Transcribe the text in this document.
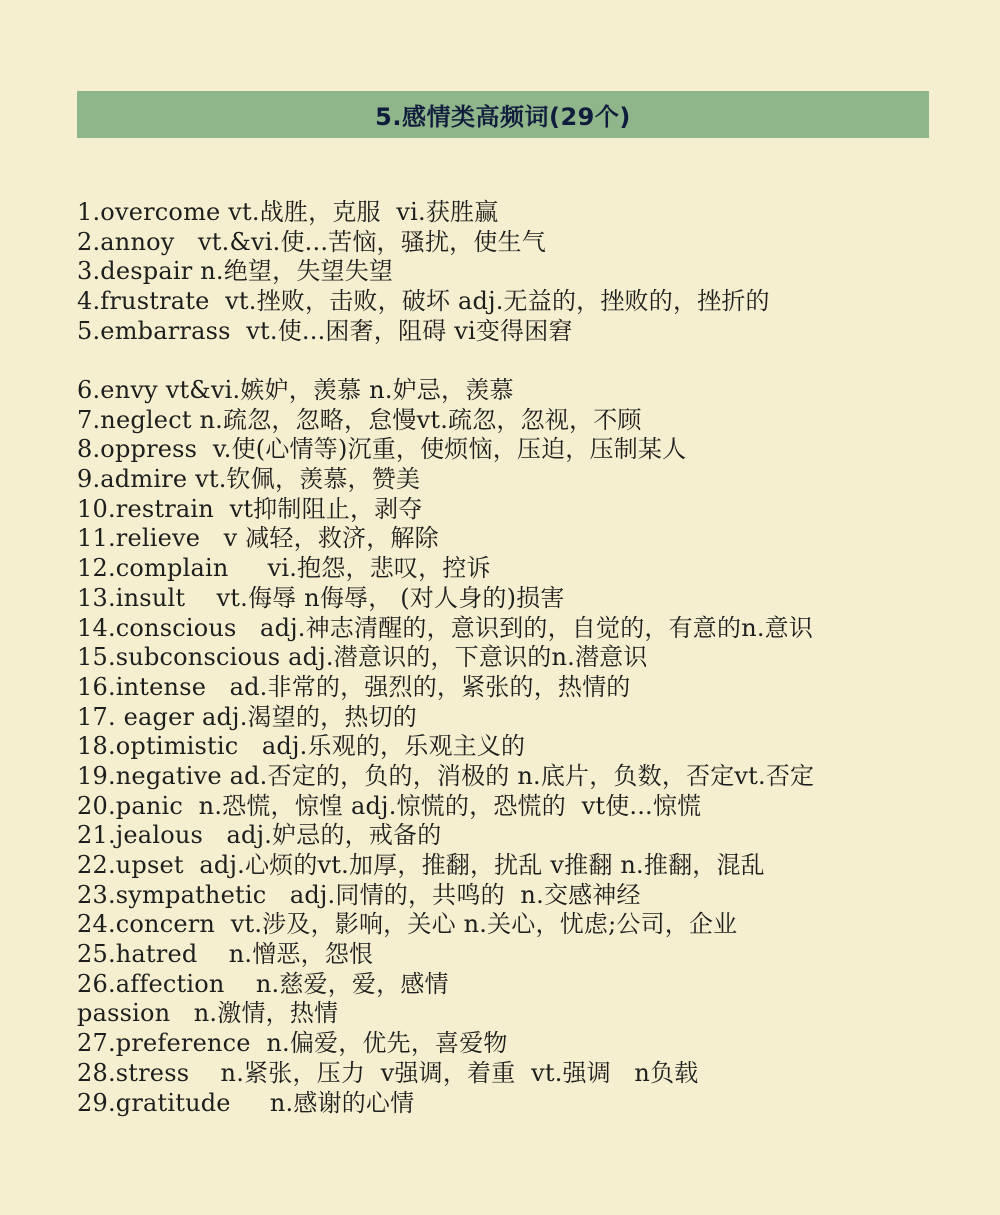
5.感情类高频词(29个)
1.overcome vt.战胜，克服  vi.获胜赢
2.annoy   vt.&vi.使...苦恼，骚扰，使生气
3.despair n.绝望，失望失望
4.frustrate  vt.挫败，击败，破坏 adj.无益的，挫败的，挫折的
5.embarrass  vt.使...困奢，阻碍 vi变得困窘
6.envy vt&vi.嫉妒，羡慕 n.妒忌，羡慕
7.neglect n.疏忽，忽略，怠慢vt.疏忽，忽视，不顾
8.oppress  v.使(心情等)沉重，使烦恼，压迫，压制某人
9.admire vt.钦佩，羡慕，赞美
10.restrain  vt抑制阻止，剥夺
11.relieve   v 减轻，救济，解除
12.complain     vi.抱怨，悲叹，控诉
13.insult    vt.侮辱 n侮辱， (对人身的)损害
14.conscious   adj.神志清醒的，意识到的，自觉的，有意的n.意识
15.subconscious adj.潜意识的，下意识的n.潜意识
16.intense   ad.非常的，强烈的，紧张的，热情的
17. eager adj.渴望的，热切的
18.optimistic   adj.乐观的，乐观主义的
19.negative ad.否定的，负的，消极的 n.底片，负数，否定vt.否定
20.panic  n.恐慌，惊惶 adj.惊慌的，恐慌的  vt使...惊慌
21.jealous   adj.妒忌的，戒备的
22.upset  adj.心烦的vt.加厚，推翻，扰乱 v推翻 n.推翻，混乱
23.sympathetic   adj.同情的，共鸣的  n.交感神经
24.concern  vt.涉及，影响，关心 n.关心，忧虑;公司，企业
25.hatred    n.憎恶，怨恨
26.affection    n.慈爱，爱，感情
passion   n.激情，热情
27.preference  n.偏爱，优先，喜爱物
28.stress    n.紧张，压力  v强调，着重  vt.强调   n负载
29.gratitude     n.感谢的心情
